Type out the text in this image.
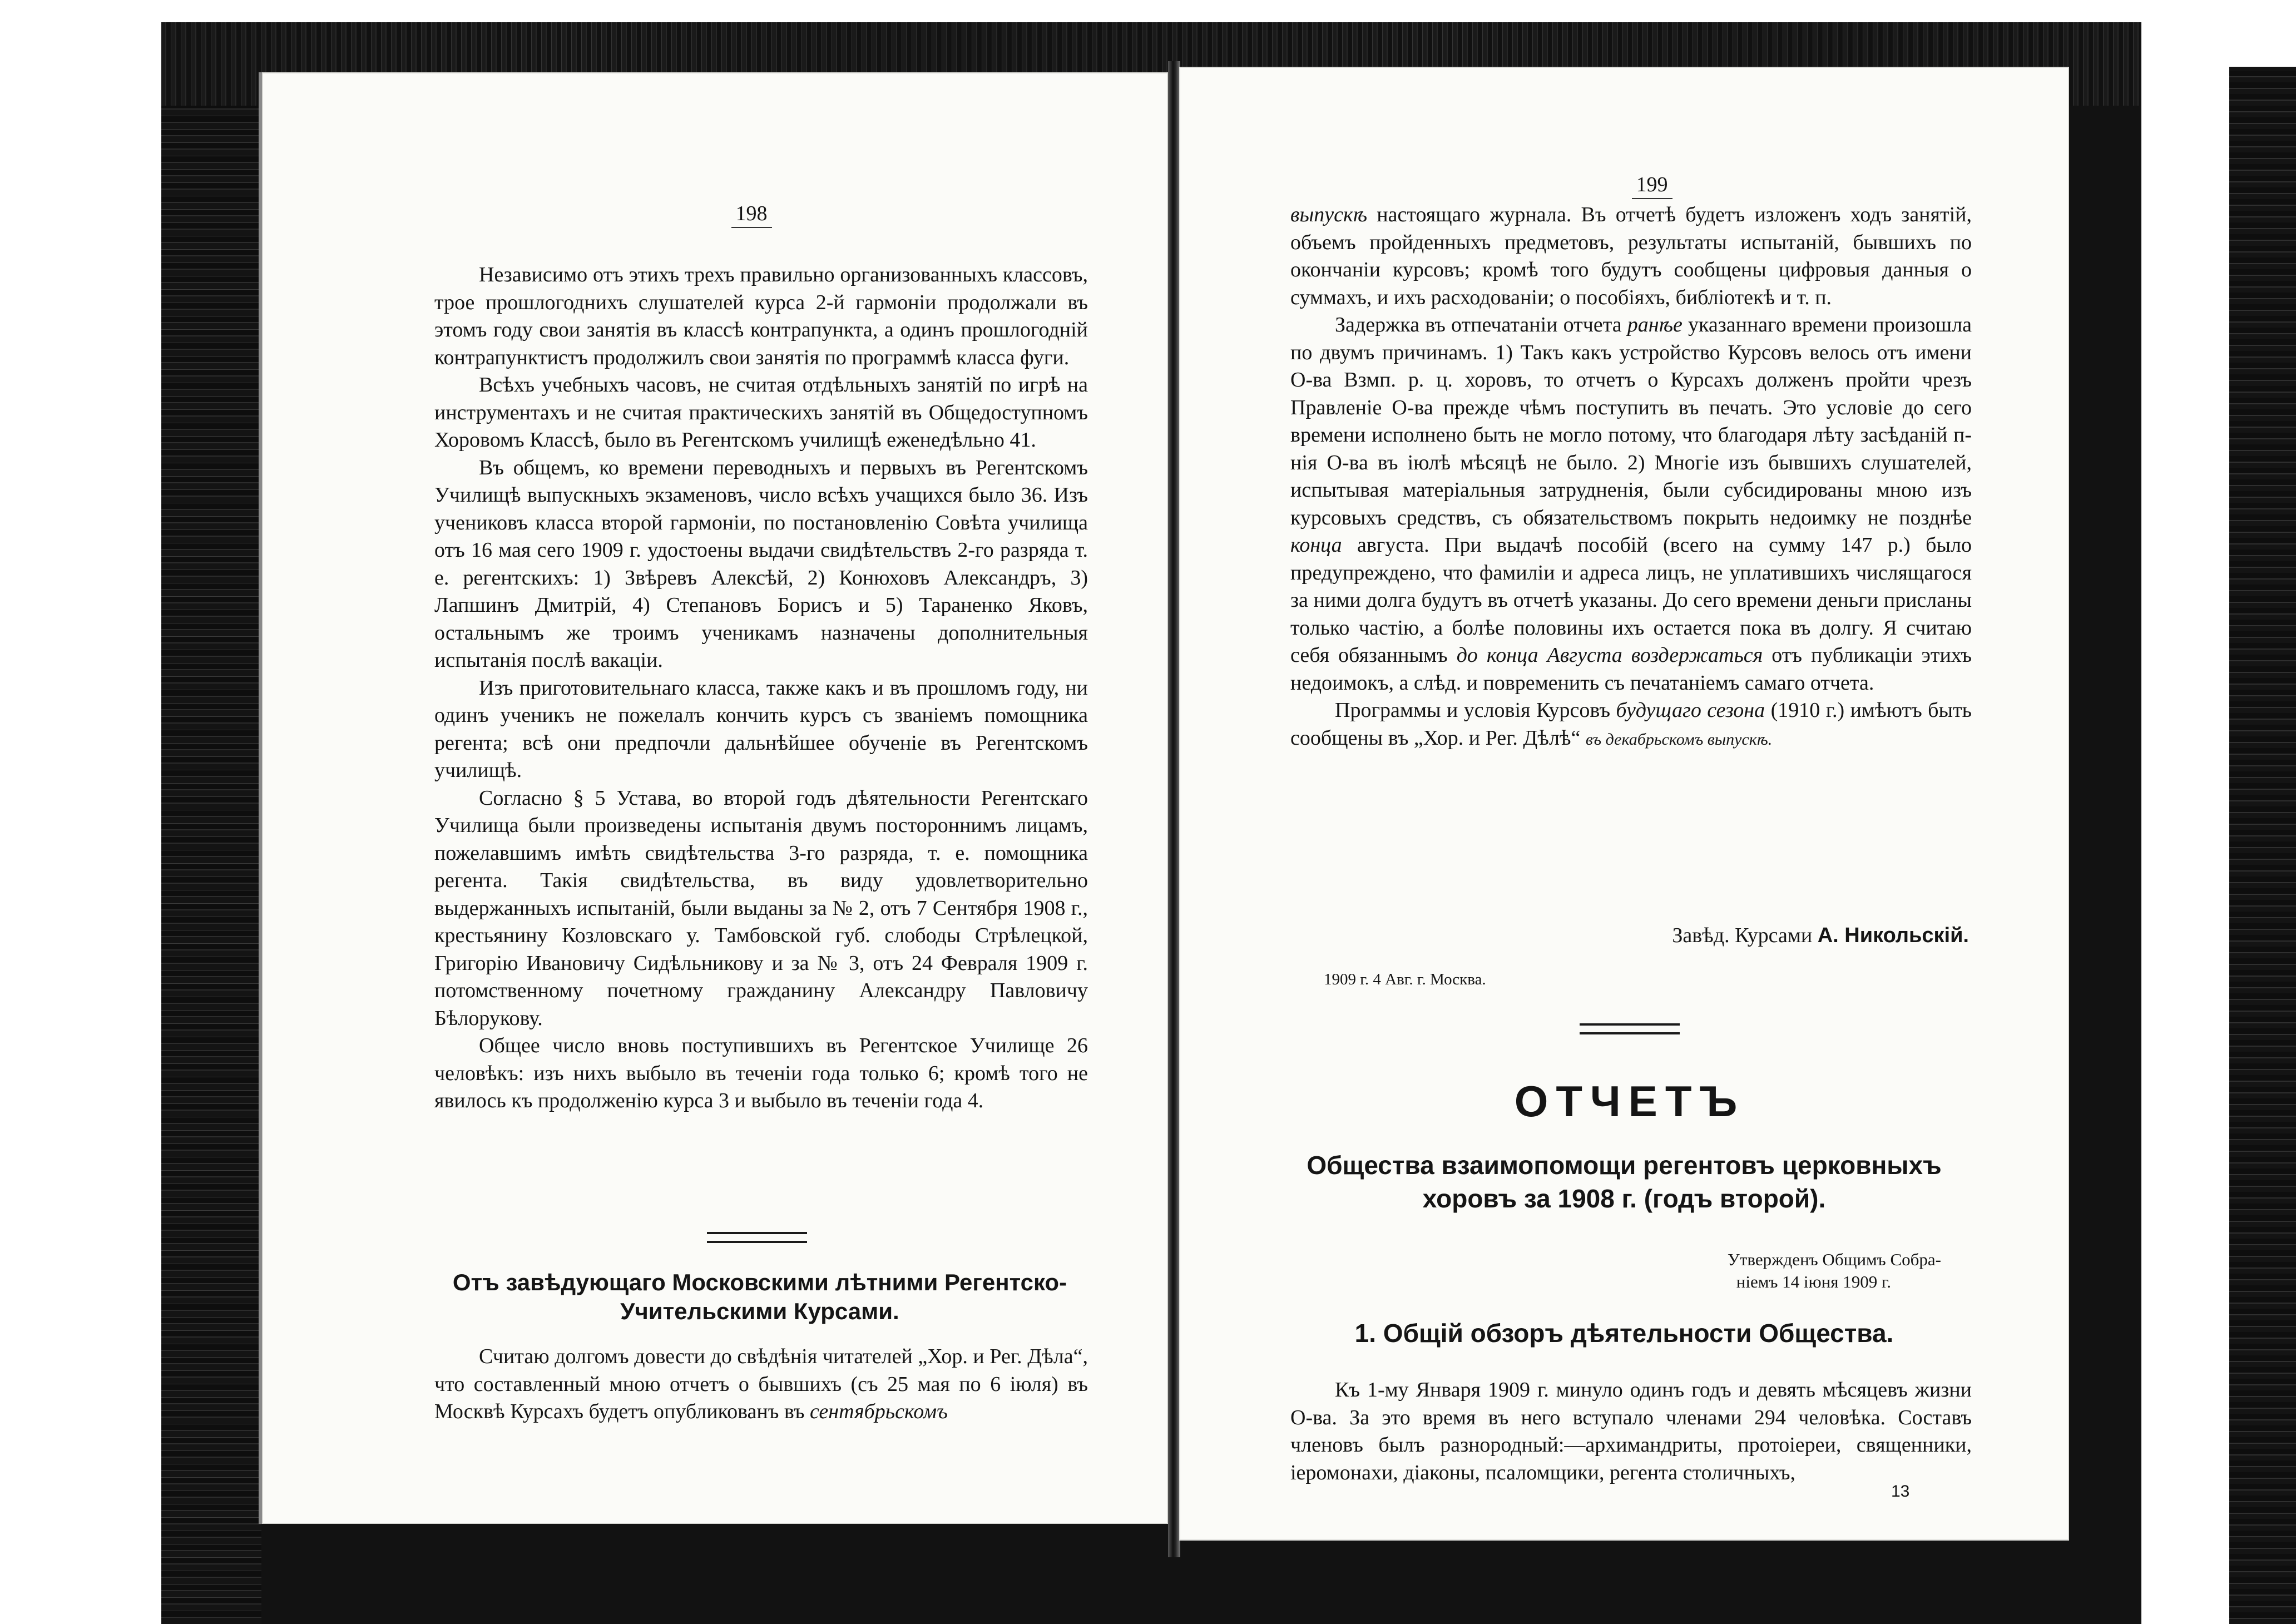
198

Независимо отъ этихъ трехъ правильно организованныхъ классовъ, трое прошлогоднихъ слушателей курса 2-й гармоніи продолжали въ этомъ году свои занятія въ классѣ контрапункта, а одинъ прошлогодній контрапунктистъ продолжилъ свои занятія по программѣ класса фуги.

Всѣхъ учебныхъ часовъ, не считая отдѣльныхъ занятій по игрѣ на инструментахъ и не считая практическихъ занятій въ Общедоступномъ Хоровомъ Классѣ, было въ Регентскомъ училищѣ еженедѣльно 41.

Въ общемъ, ко времени переводныхъ и первыхъ въ Регентскомъ Училищѣ выпускныхъ экзаменовъ, число всѣхъ учащихся было 36. Изъ учениковъ класса второй гармоніи, по постановленію Совѣта училища отъ 16 мая сего 1909 г. удостоены выдачи свидѣтельствъ 2-го разряда т. е. регентскихъ: 1) Звѣревъ Алексѣй, 2) Конюховъ Александръ, 3) Лапшинъ Дмитрій, 4) Степановъ Борисъ и 5) Тараненко Яковъ, остальнымъ же троимъ ученикамъ назначены дополнительныя испытанія послѣ вакаціи.

Изъ приготовительнаго класса, также какъ и въ прошломъ году, ни одинъ ученикъ не пожелалъ кончить курсъ съ званіемъ помощника регента; всѣ они предпочли дальнѣйшее обученіе въ Регентскомъ училищѣ.

Согласно § 5 Устава, во второй годъ дѣятельности Регентскаго Училища были произведены испытанія двумъ постороннимъ лицамъ, пожелавшимъ имѣть свидѣтельства 3-го разряда, т. е. помощника регента. Такія свидѣтельства, въ виду удовлетворительно выдержанныхъ испытаній, были выданы за № 2, отъ 7 Сентября 1908 г., крестьянину Козловскаго у. Тамбовской губ. слободы Стрѣлецкой, Григорію Ивановичу Сидѣльникову и за № 3, отъ 24 Февраля 1909 г. потомственному почетному гражданину Александру Павловичу Бѣлорукову.

Общее число вновь поступившихъ въ Регентское Училище 26 человѣкъ: изъ нихъ выбыло въ теченіи года только 6; кромѣ того не явилось къ продолженію курса 3 и выбыло въ теченіи года 4.

Отъ завѣдующаго Московскими лѣтними Регентско-Учительскими Курсами.

Считаю долгомъ довести до свѣдѣнія читателей „Хор. и Рег. Дѣла“, что составленный мною отчетъ о бывшихъ (съ 25 мая по 6 іюля) въ Москвѣ Курсахъ будетъ опубликованъ въ сентябрьскомъ

199

выпускѣ настоящаго журнала. Въ отчетѣ будетъ изложенъ ходъ занятій, объемъ пройденныхъ предметовъ, результаты испытаній, бывшихъ по окончаніи курсовъ; кромѣ того будутъ сообщены цифровыя данныя о суммахъ, и ихъ расходованіи; о пособіяхъ, библіотекѣ и т. п.

Задержка въ отпечатаніи отчета ранѣе указаннаго времени произошла по двумъ причинамъ. 1) Такъ какъ устройство Курсовъ велось отъ имени О-ва Взмп. р. ц. хоровъ, то отчетъ о Курсахъ долженъ пройти чрезъ Правленіе О-ва прежде чѣмъ поступить въ печать. Это условіе до сего времени исполнено быть не могло потому, что благодаря лѣту засѣданій п-нія О-ва въ іюлѣ мѣсяцѣ не было. 2) Многіе изъ бывшихъ слушателей, испытывая матеріальныя затрудненія, были субсидированы мною изъ курсовыхъ средствъ, съ обязательствомъ покрыть недоимку не позднѣе конца августа. При выдачѣ пособій (всего на сумму 147 р.) было предупреждено, что фамиліи и адреса лицъ, не уплатившихъ числящагося за ними долга будутъ въ отчетѣ указаны. До сего времени деньги присланы только частію, а болѣе половины ихъ остается пока въ долгу. Я считаю себя обязаннымъ до конца Августа воздержаться отъ публикаціи этихъ недоимокъ, а слѣд. и повременить съ печатаніемъ самаго отчета.

Программы и условія Курсовъ будущаго сезона (1910 г.) имѣютъ быть сообщены въ „Хор. и Рег. Дѣлѣ“ въ декабрьскомъ выпускѣ.

Завѣд. Курсами А. Никольскій.
1909 г. 4 Авг. г. Москва.
ОТЧЕТЪ
Общества взаимопомощи регентовъ церковныхъ
хоровъ за 1908 г. (годъ второй).
Утвержденъ Общимъ Собра-
ніемъ 14 іюня 1909 г.
1. Общій обзоръ дѣятельности Общества.

Къ 1-му Января 1909 г. минуло одинъ годъ и девять мѣсяцевъ жизни О-ва. За это время въ него вступало членами 294 человѣка. Составъ членовъ былъ разнородный:—архимандриты, протоіереи, священники, іеромонахи, діаконы, псаломщики, регента столичныхъ,

13
